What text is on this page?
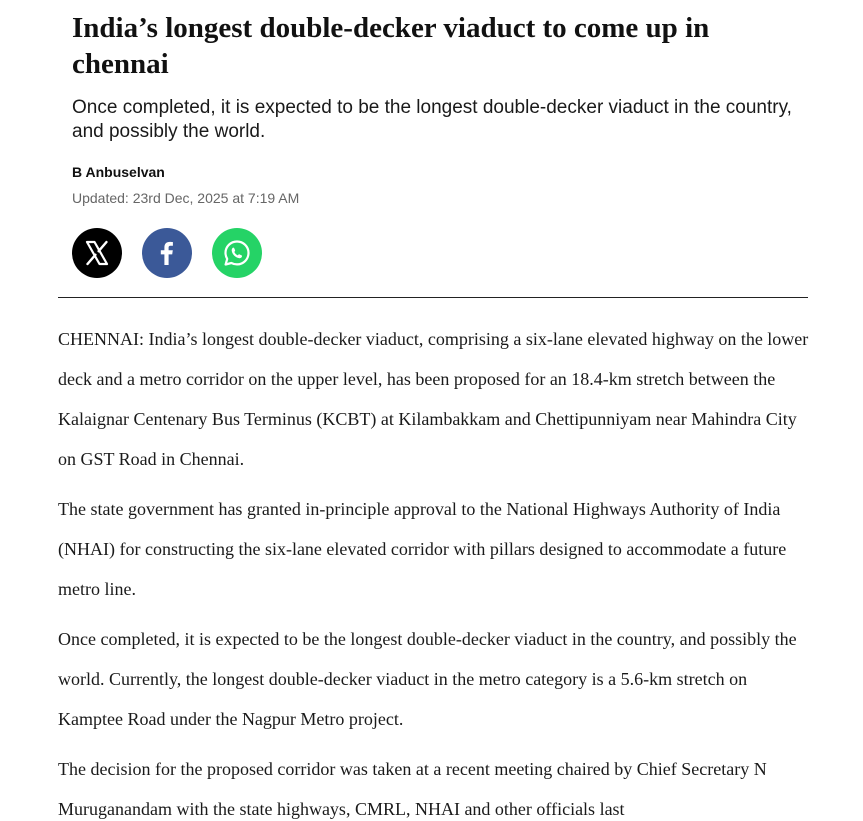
India’s longest double-decker viaduct to come up in chennai

Once completed, it is expected to be the longest double-decker viaduct in the country, and possibly the world.

B Anbuselvan

Updated: 23rd Dec, 2025 at 7:19 AM

CHENNAI: India’s longest double-decker viaduct, comprising a six-lane elevated highway on the lower deck and a metro corridor on the upper level, has been proposed for an 18.4-km stretch between the Kalaignar Centenary Bus Terminus (KCBT) at Kilambakkam and Chettipunniyam near Mahindra City on GST Road in Chennai.

The state government has granted in-principle approval to the National Highways Authority of India (NHAI) for constructing the six-lane elevated corridor with pillars designed to accommodate a future metro line.

Once completed, it is expected to be the longest double-decker viaduct in the country, and possibly the world. Currently, the longest double-decker viaduct in the metro category is a 5.6-km stretch on Kamptee Road under the Nagpur Metro project.

The decision for the proposed corridor was taken at a recent meeting chaired by Chief Secretary N Muruganandam with the state highways, CMRL, NHAI and other officials last
